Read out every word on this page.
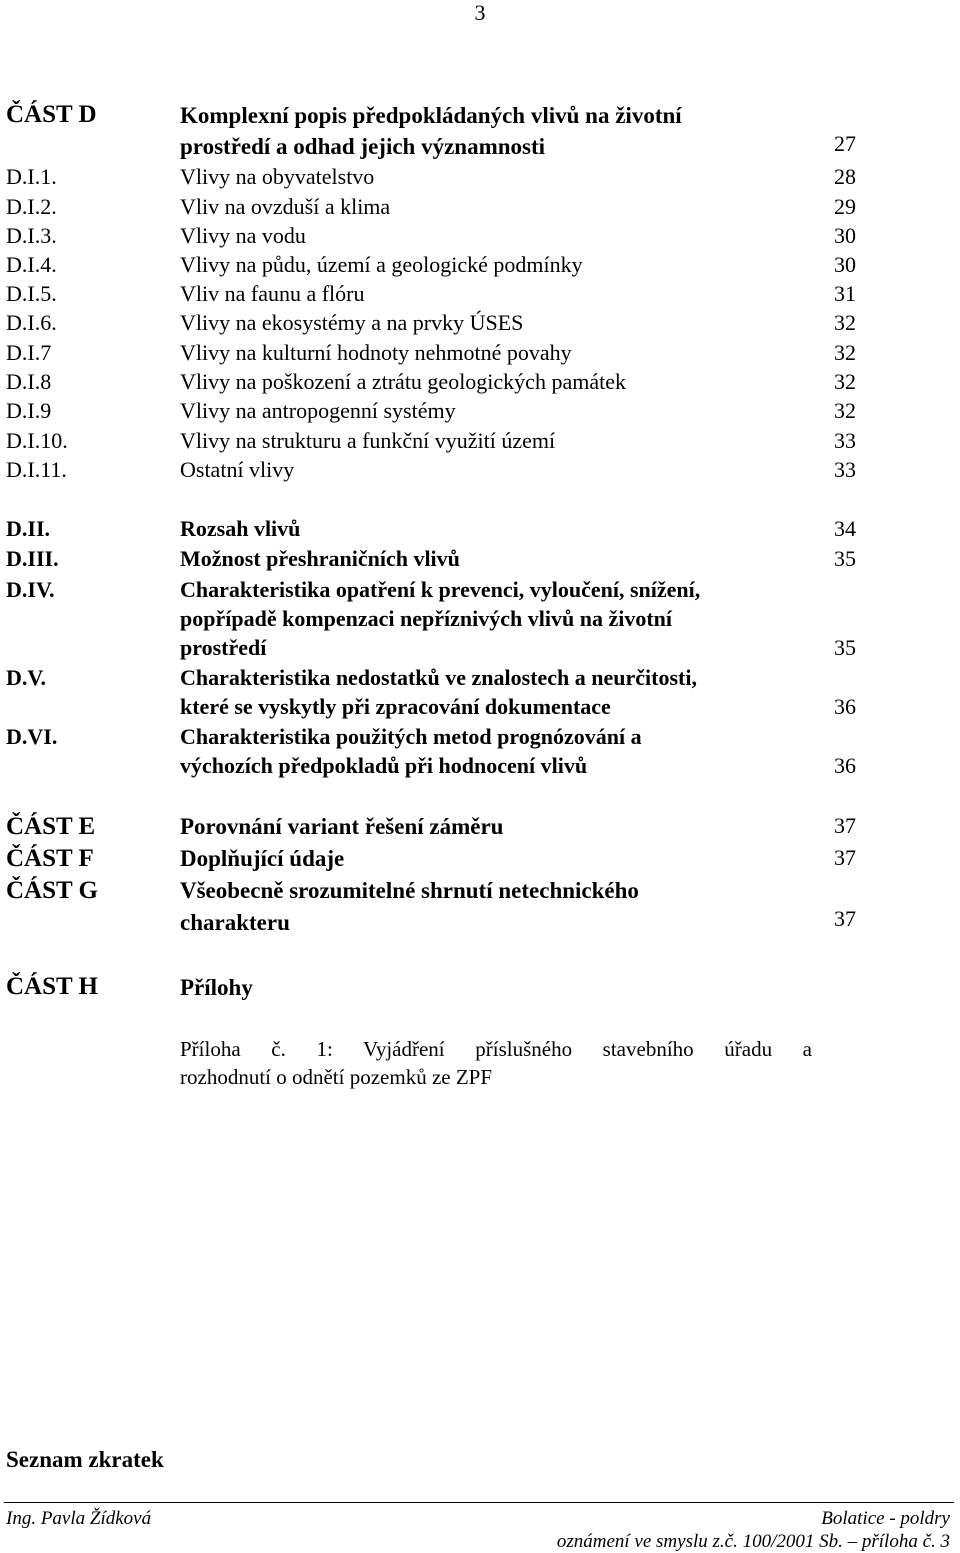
3
ČÁST D	Komplexní popis předpokládaných vlivů na životní
prostředí a odhad jejich významnosti	27
D.I.1.	Vlivy na obyvatelstvo	28
D.I.2.	Vliv na ovzduší a klima	29
D.I.3.	Vlivy na vodu	30
D.I.4.	Vlivy na půdu, území a geologické podmínky	30
D.I.5.	Vliv na faunu a flóru	31
D.I.6.	Vlivy na ekosystémy a na prvky ÚSES	32
D.I.7	Vlivy na kulturní hodnoty nehmotné povahy	32
D.I.8	Vlivy na poškození a ztrátu geologických památek	32
D.I.9	Vlivy na antropogenní systémy	32
D.I.10.	Vlivy na strukturu a funkční využití území	33
D.I.11.	Ostatní vlivy	33
D.II.	Rozsah vlivů	34
D.III.	Možnost přeshraničních vlivů	35
D.IV.	Charakteristika opatření k prevenci, vyloučení, snížení,
popřípadě kompenzaci nepříznivých vlivů na životní
prostředí	35
D.V.	Charakteristika nedostatků ve znalostech a neurčitosti,
které se vyskytly při zpracování dokumentace	36
D.VI.	Charakteristika použitých metod prognózování a
výchozích předpokladů při hodnocení vlivů	36
ČÁST E	Porovnání variant řešení záměru	37
ČÁST F	Doplňující údaje	37
ČÁST G	Všeobecně srozumitelné shrnutí netechnického
charakteru	37
ČÁST H	Přílohy
Příloha č. 1: Vyjádření příslušného stavebního úřadu a
rozhodnutí o odnětí pozemků ze ZPF
Seznam zkratek
Ing. Pavla Žídková	Bolatice - poldry
oznámení ve smyslu z.č. 100/2001 Sb. – příloha č. 3
